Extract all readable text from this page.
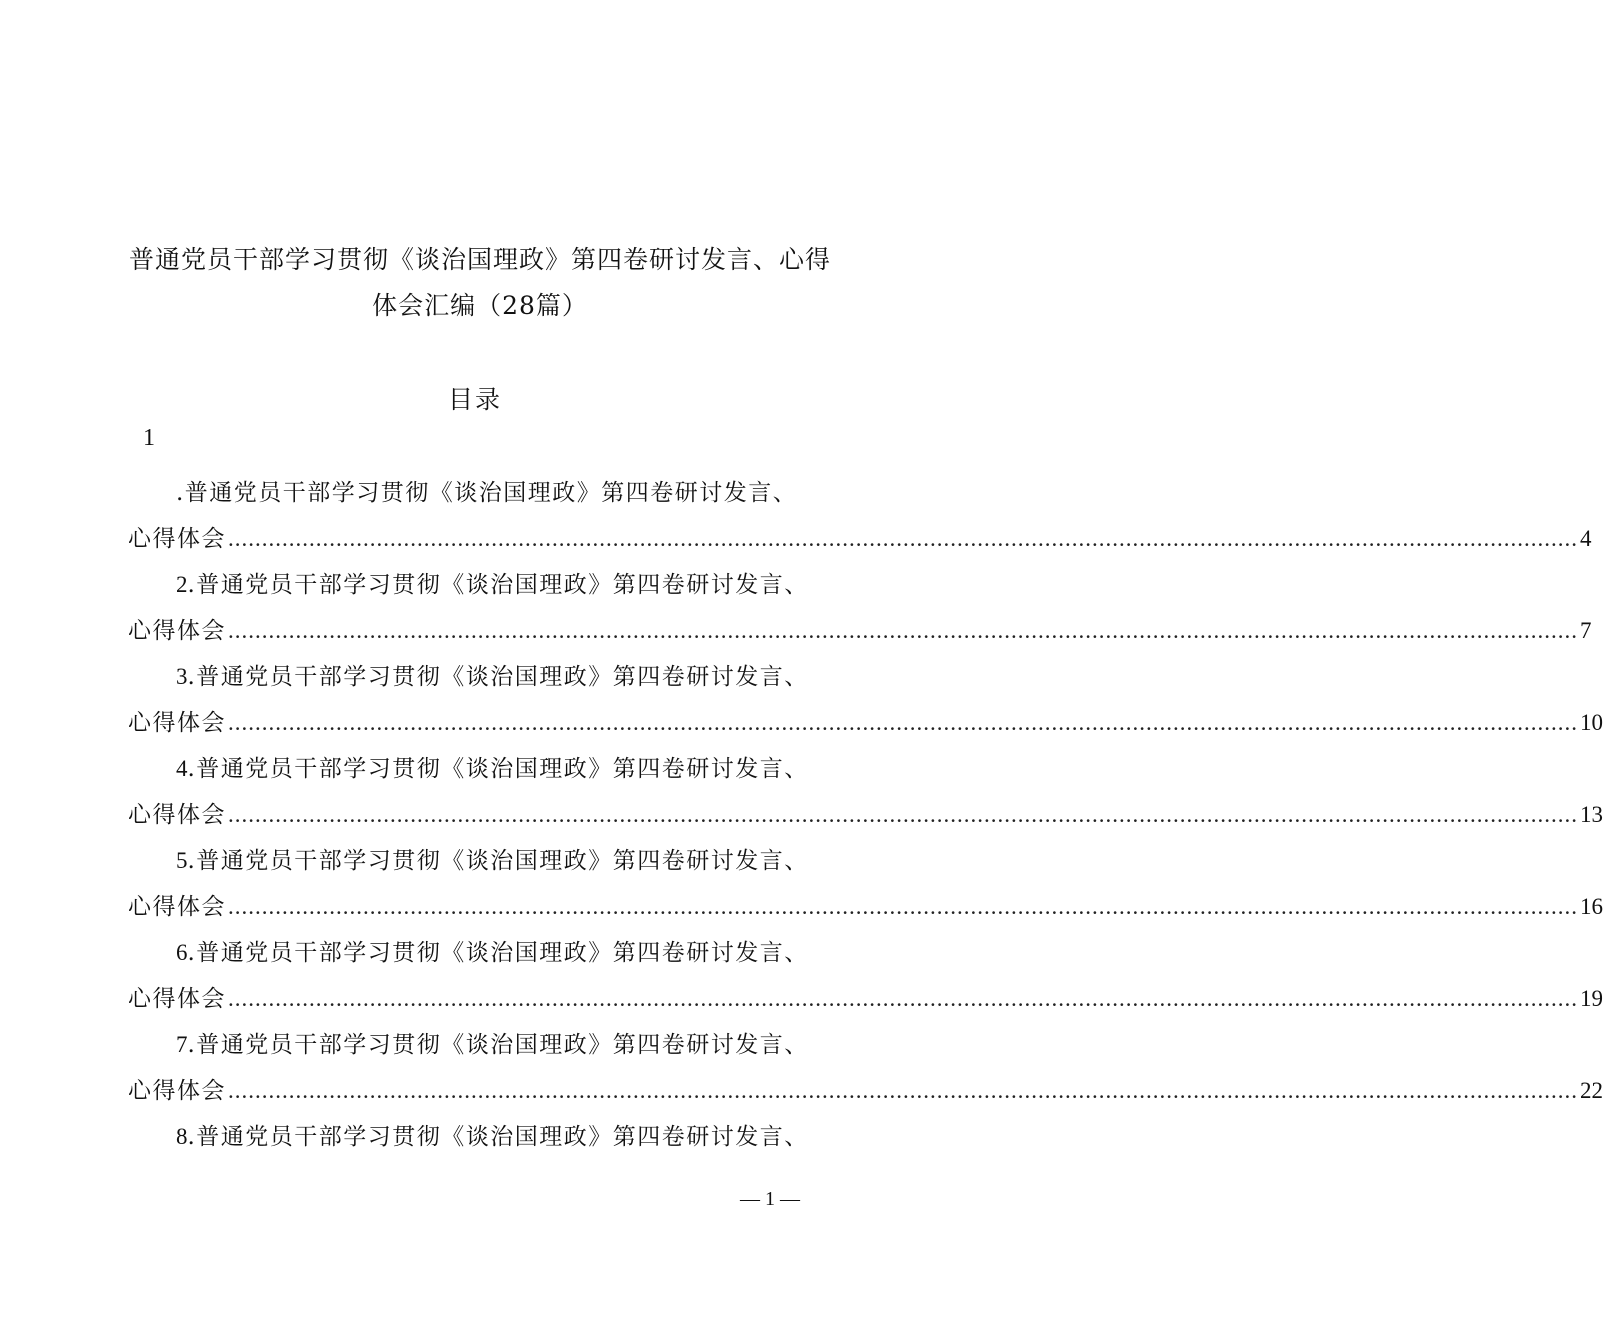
普通党员干部学习贯彻《谈治国理政》第四卷研讨发言、心得
体会汇编（28篇）
目录
1
.普通党员干部学习贯彻《谈治国理政》第四卷研讨发言、
心得体会 ........................................................................................................................................................................................................ 4
2.普通党员干部学习贯彻《谈治国理政》第四卷研讨发言、
心得体会 ........................................................................................................................................................................................................ 7
3.普通党员干部学习贯彻《谈治国理政》第四卷研讨发言、
心得体会 ........................................................................................................................................................................................................ 10
4.普通党员干部学习贯彻《谈治国理政》第四卷研讨发言、
心得体会 ........................................................................................................................................................................................................ 13
5.普通党员干部学习贯彻《谈治国理政》第四卷研讨发言、
心得体会 ........................................................................................................................................................................................................ 16
6.普通党员干部学习贯彻《谈治国理政》第四卷研讨发言、
心得体会 ........................................................................................................................................................................................................ 19
7.普通党员干部学习贯彻《谈治国理政》第四卷研讨发言、
心得体会 ........................................................................................................................................................................................................ 22
8.普通党员干部学习贯彻《谈治国理政》第四卷研讨发言、
— 1 —
